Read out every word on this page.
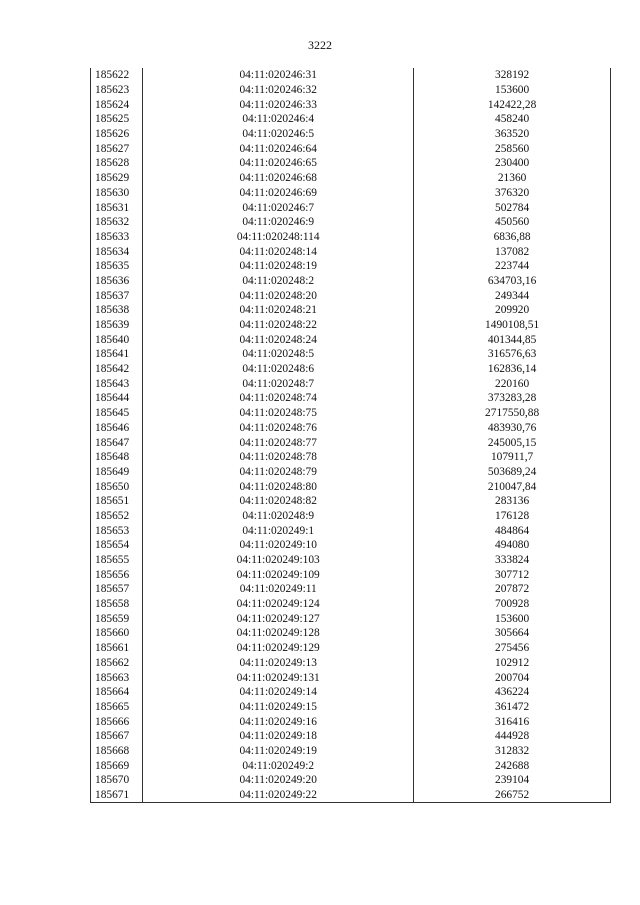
3222
185622	04:11:020246:31	328192
185623	04:11:020246:32	153600
185624	04:11:020246:33	142422,28
185625	04:11:020246:4	458240
185626	04:11:020246:5	363520
185627	04:11:020246:64	258560
185628	04:11:020246:65	230400
185629	04:11:020246:68	21360
185630	04:11:020246:69	376320
185631	04:11:020246:7	502784
185632	04:11:020246:9	450560
185633	04:11:020248:114	6836,88
185634	04:11:020248:14	137082
185635	04:11:020248:19	223744
185636	04:11:020248:2	634703,16
185637	04:11:020248:20	249344
185638	04:11:020248:21	209920
185639	04:11:020248:22	1490108,51
185640	04:11:020248:24	401344,85
185641	04:11:020248:5	316576,63
185642	04:11:020248:6	162836,14
185643	04:11:020248:7	220160
185644	04:11:020248:74	373283,28
185645	04:11:020248:75	2717550,88
185646	04:11:020248:76	483930,76
185647	04:11:020248:77	245005,15
185648	04:11:020248:78	107911,7
185649	04:11:020248:79	503689,24
185650	04:11:020248:80	210047,84
185651	04:11:020248:82	283136
185652	04:11:020248:9	176128
185653	04:11:020249:1	484864
185654	04:11:020249:10	494080
185655	04:11:020249:103	333824
185656	04:11:020249:109	307712
185657	04:11:020249:11	207872
185658	04:11:020249:124	700928
185659	04:11:020249:127	153600
185660	04:11:020249:128	305664
185661	04:11:020249:129	275456
185662	04:11:020249:13	102912
185663	04:11:020249:131	200704
185664	04:11:020249:14	436224
185665	04:11:020249:15	361472
185666	04:11:020249:16	316416
185667	04:11:020249:18	444928
185668	04:11:020249:19	312832
185669	04:11:020249:2	242688
185670	04:11:020249:20	239104
185671	04:11:020249:22	266752
